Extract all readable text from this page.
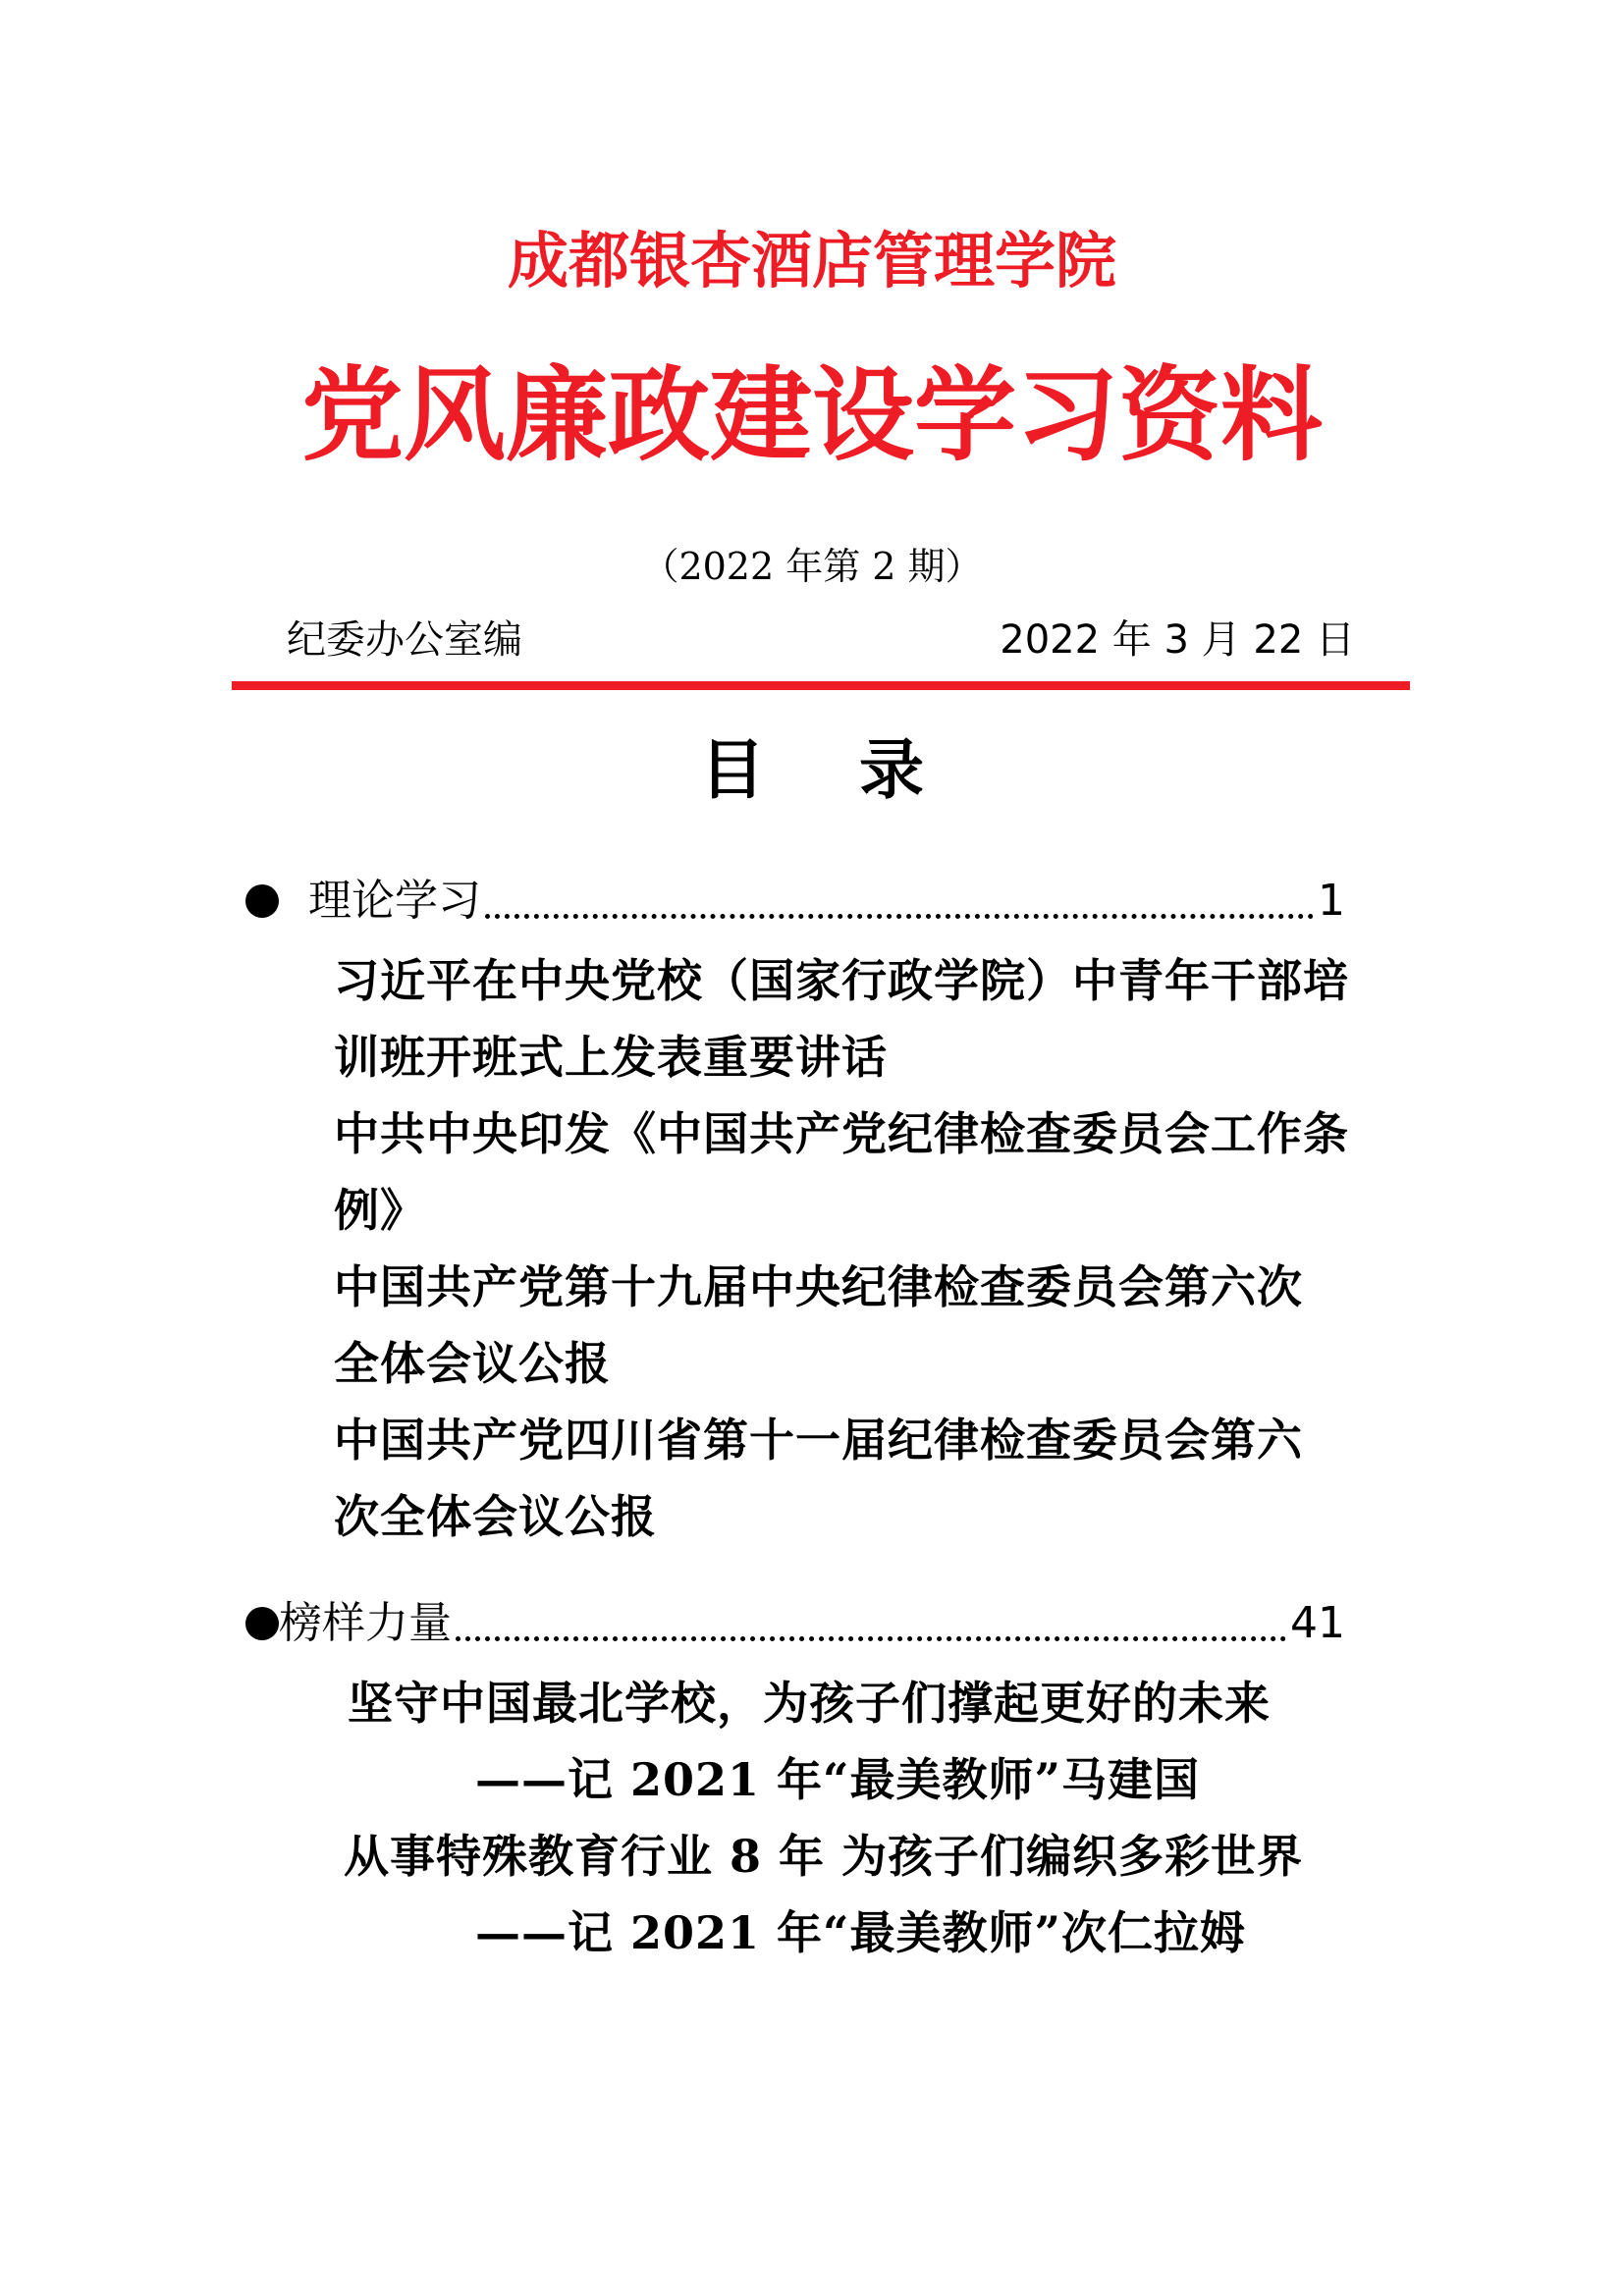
成都银杏酒店管理学院
党风廉政建设学习资料
（2022 年第 2 期）
纪委办公室编	2022 年 3 月 22 日
目 录
理论学习	1
习近平在中央党校（国家行政学院）中青年干部培
训班开班式上发表重要讲话
中共中央印发《中国共产党纪律检查委员会工作条
例》
中国共产党第十九届中央纪律检查委员会第六次
全体会议公报
中国共产党四川省第十一届纪律检查委员会第六
次全体会议公报
榜样力量	41
坚守中国最北学校，为孩子们撑起更好的未来
——记 2021 年“最美教师”马建国
从事特殊教育行业 8 年 为孩子们编织多彩世界
——记 2021 年“最美教师”次仁拉姆
